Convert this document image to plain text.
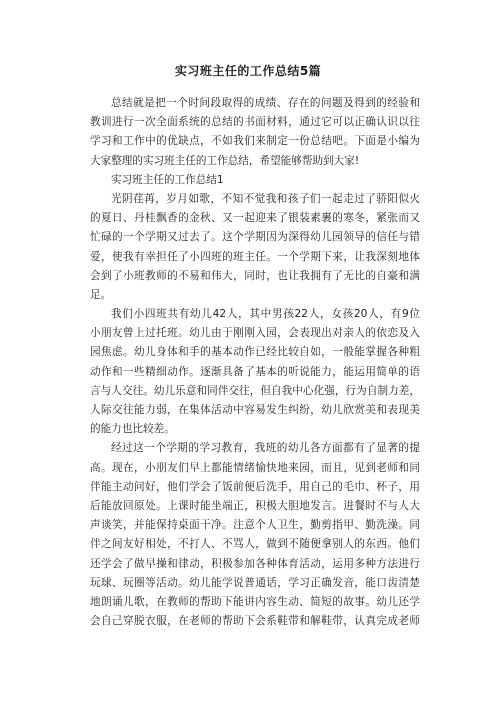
实习班主任的工作总结5篇
总结就是把一个时间段取得的成绩、存在的问题及得到的经验和
教训进行一次全面系统的总结的书面材料，通过它可以正确认识以往
学习和工作中的优缺点，不如我们来制定一份总结吧。下面是小编为
大家整理的实习班主任的工作总结，希望能够帮助到大家!
实习班主任的工作总结1
光阴荏苒，岁月如歌，不知不觉我和孩子们一起走过了骄阳似火
的夏日、丹桂飘香的金秋、又一起迎来了银装素裹的寒冬，紧张而又
忙碌的一个学期又过去了。这个学期因为深得幼儿园领导的信任与错
爱，使我有幸担任了小四班的班主任。一个学期下来，让我深刻地体
会到了小班教师的不易和伟大，同时，也让我拥有了无比的自豪和满
足。
我们小四班共有幼儿42人，其中男孩22人，女孩20人，有9位
小朋友曾上过托班。幼儿由于刚刚入园，会表现出对亲人的依恋及入
园焦虑。幼儿身体和手的基本动作已经比较自如，一般能掌握各种粗
动作和一些精细动作。逐渐具备了基本的听说能力，能运用简单的语
言与人交往。幼儿乐意和同伴交往，但自我中心化强，行为自制力差，
人际交往能力弱，在集体活动中容易发生纠纷，幼儿欣赏美和表现美
的能力也比较差。
经过这一个学期的学习教育，我班的幼儿各方面都有了显著的提
高。现在，小朋友们早上都能情绪愉快地来园，而且，见到老师和同
伴能主动问好，他们学会了饭前便后洗手，用自己的毛巾、杯子，用
后能放回原处。上课时能坐端正，积极大胆地发言。进餐时不与人大
声谈笑，并能保持桌面干净。注意个人卫生，勤剪指甲、勤洗澡。同
伴之间友好相处，不打人、不骂人，做到不随便拿别人的东西。他们
还学会了做早操和律动，积极参加各种体育活动，运用多种方法进行
玩球、玩圈等活动。幼儿能学说普通话，学习正确发音，能口齿清楚
地朗诵儿歌，在教师的帮助下能讲内容生动、简短的故事。幼儿还学
会自己穿脱衣服，在老师的帮助下会系鞋带和解鞋带，认真完成老师
